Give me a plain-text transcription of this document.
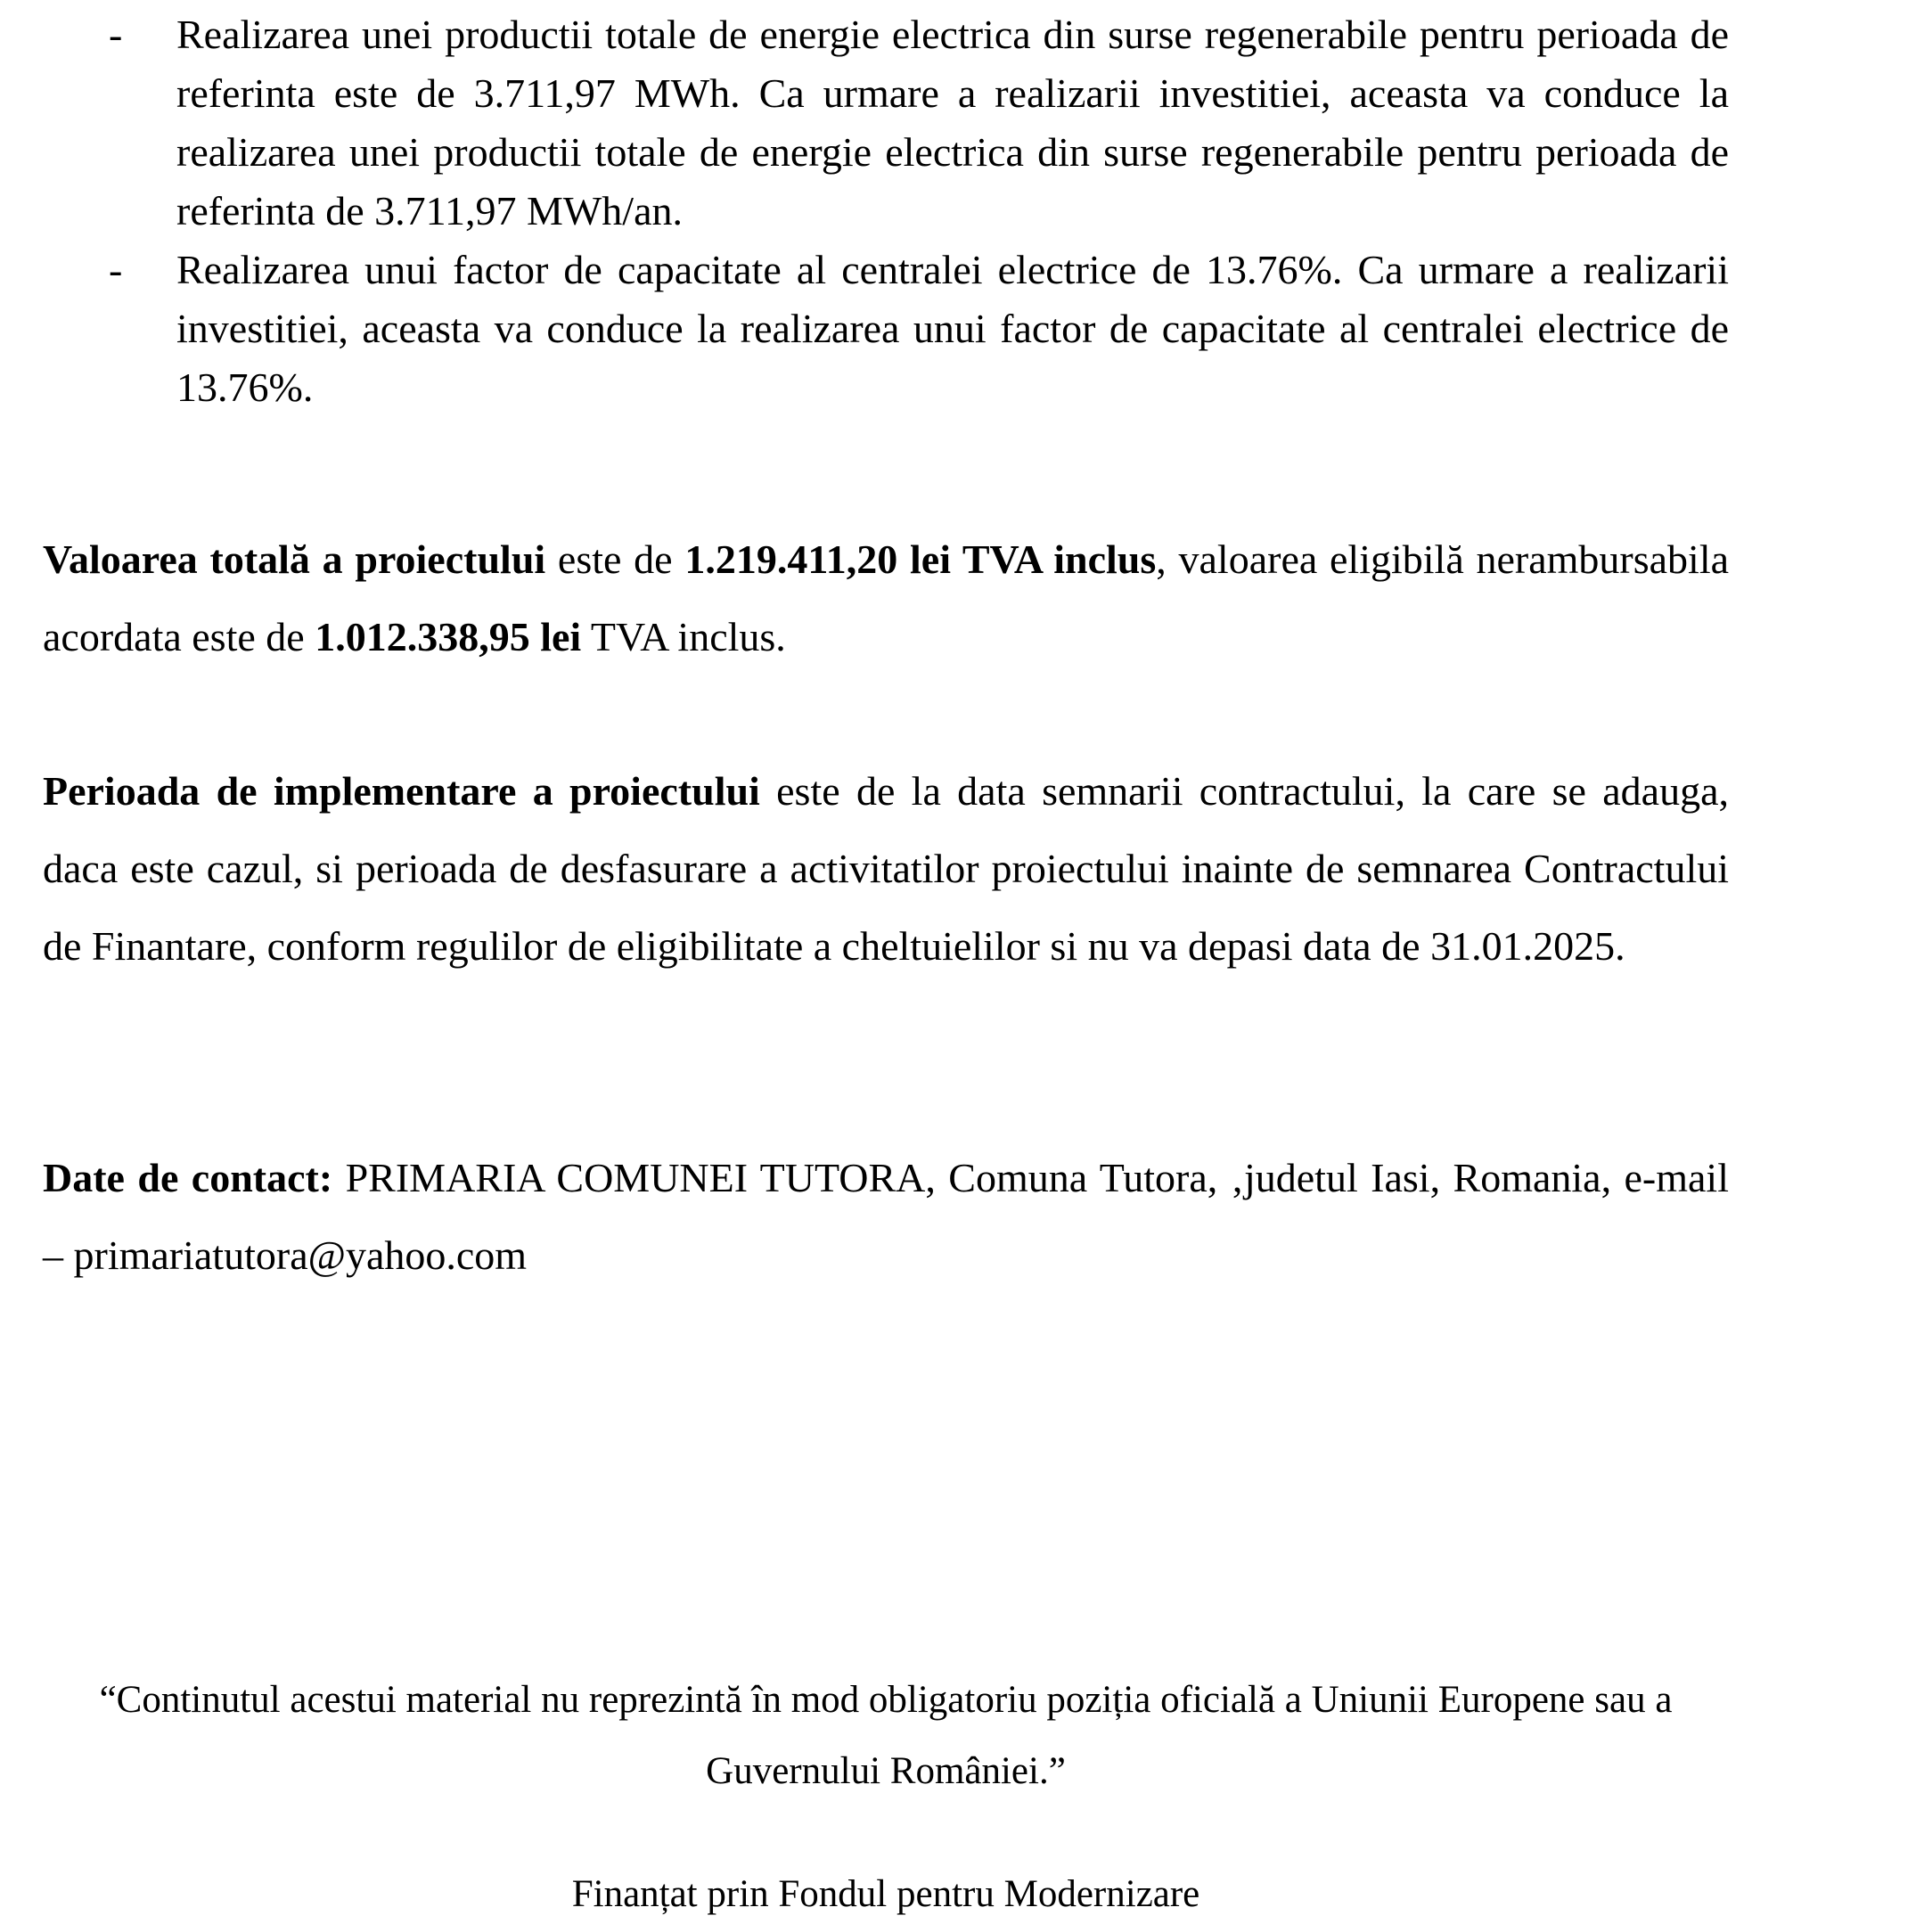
-	Realizarea unei productii totale de energie electrica din surse regenerabile pentru perioada de referinta este de 3.711,97 MWh. Ca urmare a realizarii investitiei, aceasta va conduce la realizarea unei productii totale de energie electrica din surse regenerabile pentru perioada de referinta de 3.711,97 MWh/an.
-	Realizarea unui factor de capacitate al centralei electrice de 13.76%. Ca urmare a realizarii investitiei, aceasta va conduce la realizarea unui factor de capacitate al centralei electrice de 13.76%.
Valoarea totală a proiectului este de 1.219.411,20 lei TVA inclus, valoarea eligibilă nerambursabila acordata este de 1.012.338,95 lei TVA inclus.
Perioada de implementare a proiectului este de la data semnarii contractului, la care se adauga, daca este cazul, si perioada de desfasurare a activitatilor proiectului inainte de semnarea Contractului de Finantare, conform regulilor de eligibilitate a cheltuielilor si nu va depasi data de 31.01.2025.
Date de contact: PRIMARIA COMUNEI TUTORA, Comuna Tutora, ‚judetul Iasi, Romania, e-mail – primariatutora@yahoo.com
“Continutul acestui material nu reprezintă în mod obligatoriu poziția oficială a Uniunii Europene sau a Guvernului României.”
Finanțat prin Fondul pentru Modernizare
